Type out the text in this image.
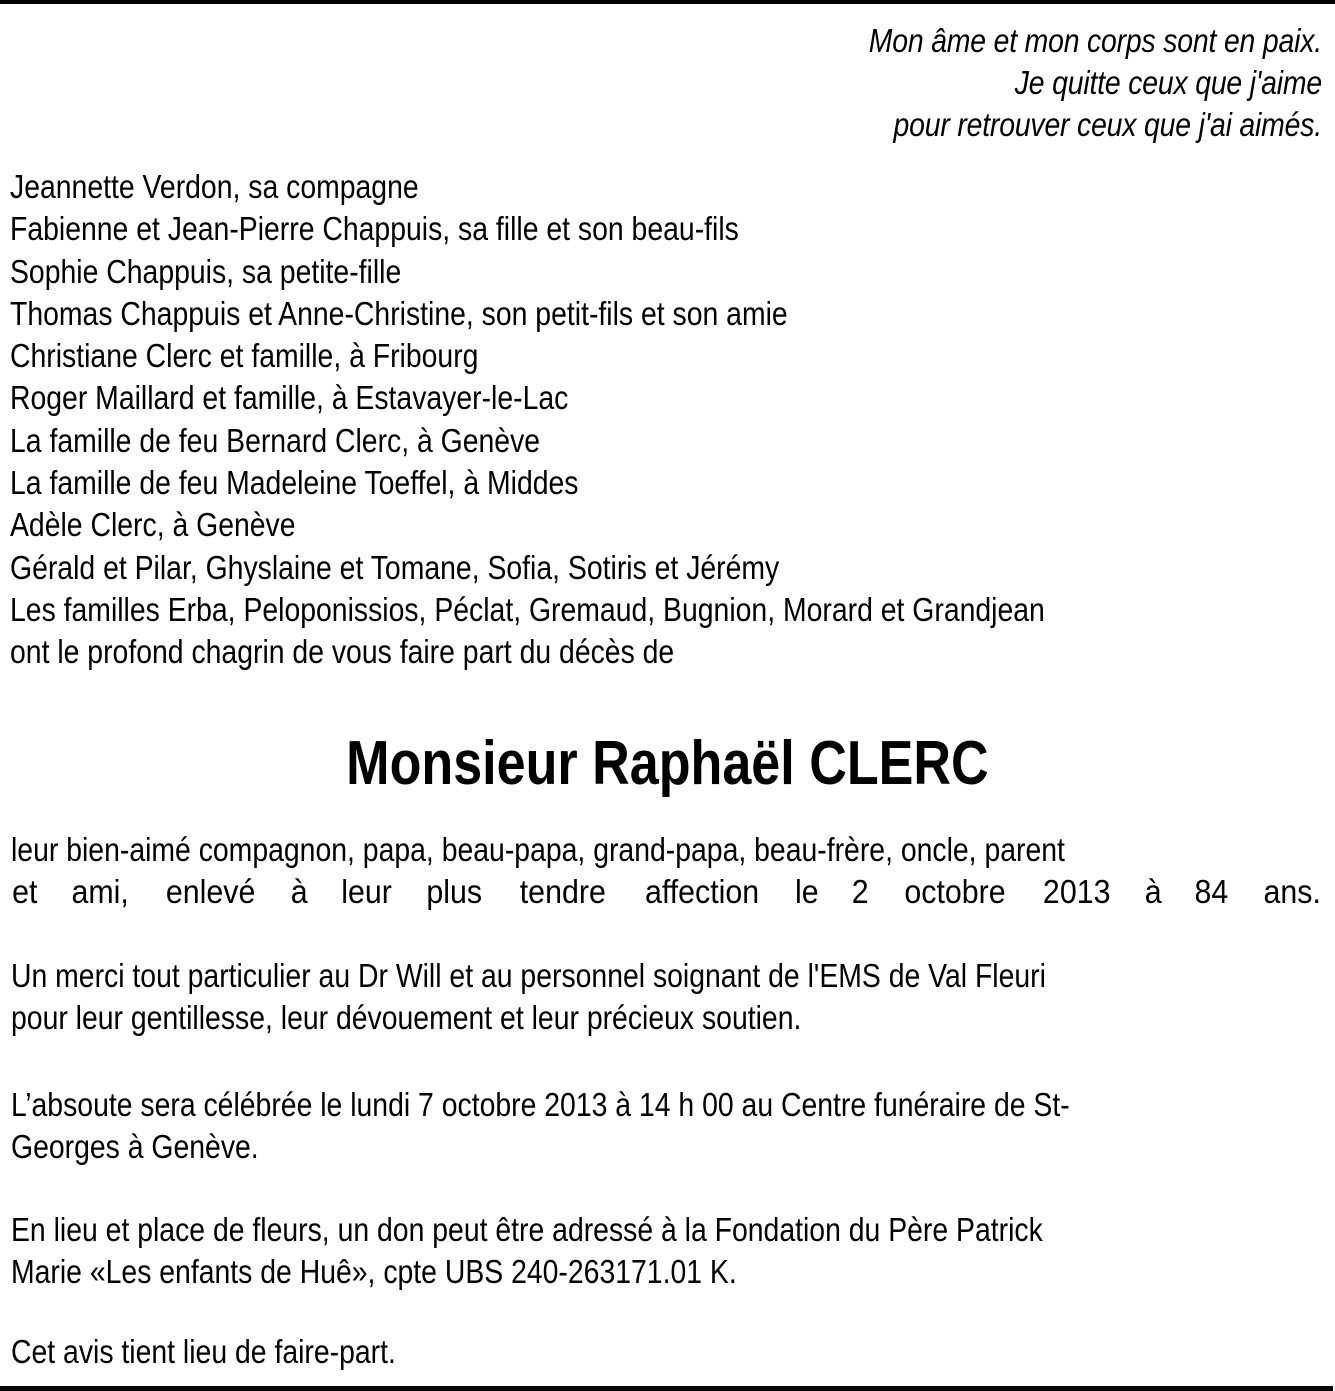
Mon âme et mon corps sont en paix.
Je quitte ceux que j'aime
pour retrouver ceux que j'ai aimés.
Jeannette Verdon, sa compagne
Fabienne et Jean-Pierre Chappuis, sa fille et son beau-fils
Sophie Chappuis, sa petite-fille
Thomas Chappuis et Anne-Christine, son petit-fils et son amie
Christiane Clerc et famille, à Fribourg
Roger Maillard et famille, à Estavayer-le-Lac
La famille de feu Bernard Clerc, à Genève
La famille de feu Madeleine Toeffel, à Middes
Adèle Clerc, à Genève
Gérald et Pilar, Ghyslaine et Tomane, Sofia, Sotiris et Jérémy
Les familles Erba, Peloponissios, Péclat, Gremaud, Bugnion, Morard et Grandjean
ont le profond chagrin de vous faire part du décès de
Monsieur Raphaël CLERC
leur bien-aimé compagnon, papa, beau-papa, grand-papa, beau-frère, oncle, parent
et ami, enlevé à leur plus tendre affection le 2 octobre 2013 à 84 ans.
Un merci tout particulier au Dr Will et au personnel soignant de l'EMS de Val Fleuri
pour leur gentillesse, leur dévouement et leur précieux soutien.
L’absoute sera célébrée le lundi 7 octobre 2013 à 14 h 00 au Centre funéraire de St-
Georges à Genève.
En lieu et place de fleurs, un don peut être adressé à la Fondation du Père Patrick
Marie «Les enfants de Huê», cpte UBS 240-263171.01 K.
Cet avis tient lieu de faire-part.
